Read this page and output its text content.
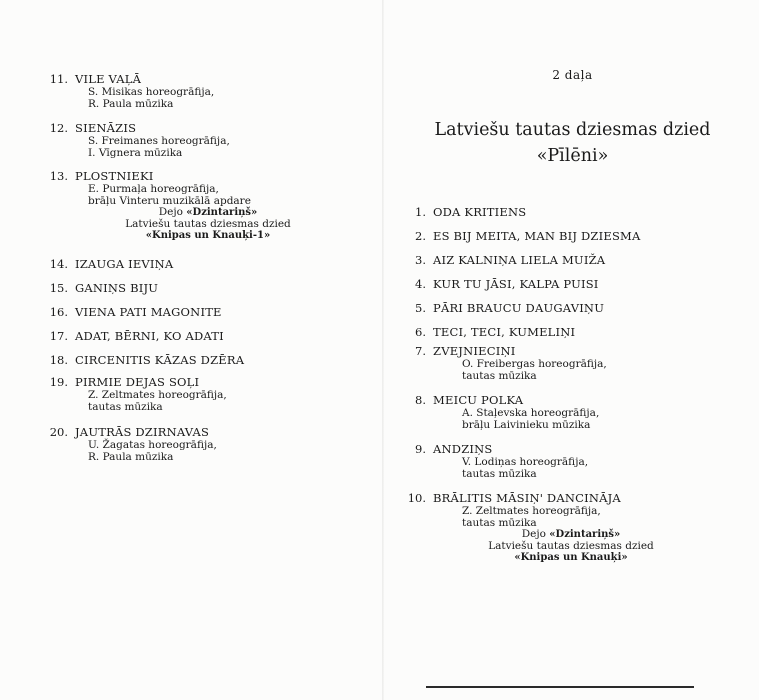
11. VILE VAĻĀ
S. Misikas horeogrāfija,
R. Paula mūzika
12. SIENĀZIS
S. Freimanes horeogrāfija,
I. Vīgnera mūzika
13. PLOSTNIEKI
E. Purmaļa horeogrāfija,
brāļu Vinteru muzikālā apdare
Dejo «Dzintariņš»
Latviešu tautas dziesmas dzied
«Knipas un Knauķi-1»
14. IZAUGA IEVIŅA
15. GANIŅS BIJU
16. VIENA PATI MAGONITE
17. ADAT, BĒRNI, KO ADATI
18. CIRCENITIS KĀZAS DZĒRA
19. PIRMIE DEJAS SOĻI
Z. Zeltmates horeogrāfija,
tautas mūzika
20. JAUTRĀS DZIRNAVAS
U. Žagatas horeogrāfija,
R. Paula mūzika
2 daļa
Latviešu tautas dziesmas dzied
«Pīlēni»
1. ODA KRITIENS
2. ES BIJ MEITA, MAN BIJ DZIESMA
3. AIZ KALNIŅA LIELA MUIŽA
4. KUR TU JĀSI, KALPA PUISI
5. PĀRI BRAUCU DAUGAVIŅU
6. TECI, TECI, KUMELIŅI
7. ZVEJNIECIŅI
O. Freibergas horeogrāfija,
tautas mūzika
8. MEICU POLKA
A. Staļevska horeogrāfija,
brāļu Laivinieku mūzika
9. ANDZIŅS
V. Lodiņas horeogrāfija,
tautas mūzika
10. BRĀLITIS MĀSIŅ' DANCINĀJA
Z. Zeltmates horeogrāfija,
tautas mūzika
Dejo «Dzintariņš»
Latviešu tautas dziesmas dzied
«Knipas un Knauķi»
